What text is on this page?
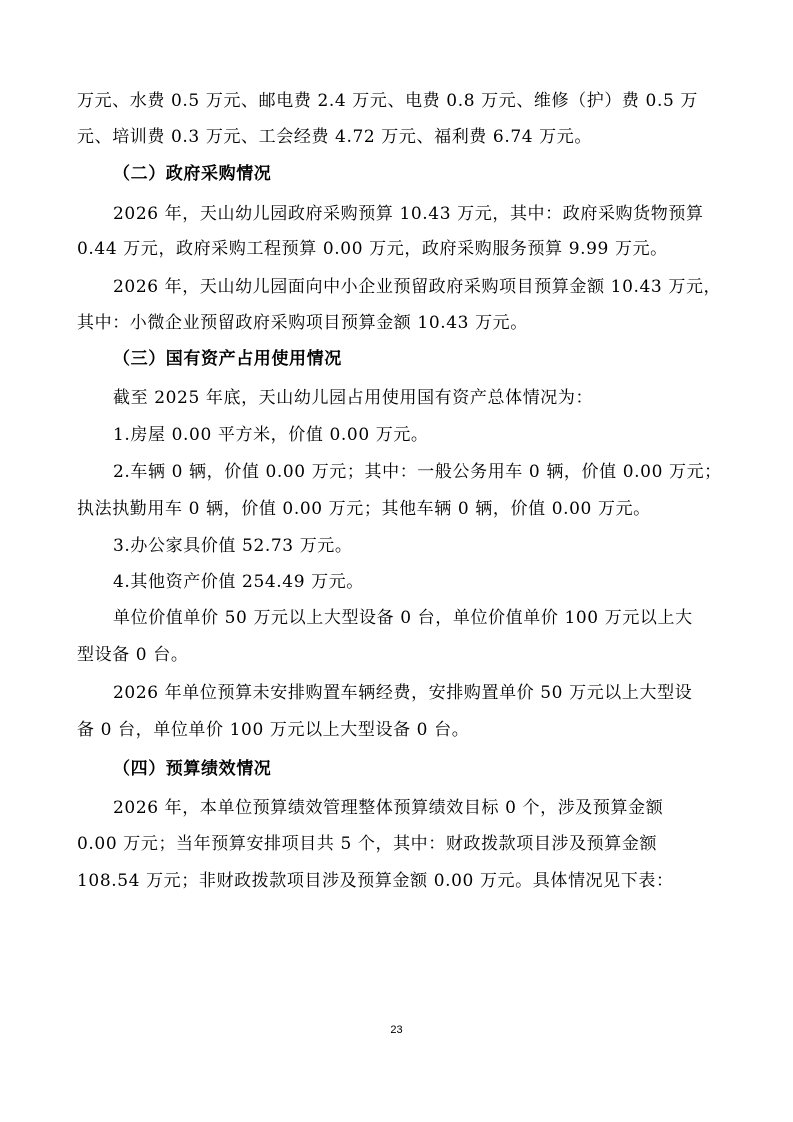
万元、水费 0.5 万元、邮电费 2.4 万元、电费 0.8 万元、维修（护）费 0.5 万
元、培训费 0.3 万元、工会经费 4.72 万元、福利费 6.74 万元。
（二）政府采购情况
2026 年，天山幼儿园政府采购预算 10.43 万元，其中：政府采购货物预算
0.44 万元，政府采购工程预算 0.00 万元，政府采购服务预算 9.99 万元。
2026 年，天山幼儿园面向中小企业预留政府采购项目预算金额 10.43 万元，
其中：小微企业预留政府采购项目预算金额 10.43 万元。
（三）国有资产占用使用情况
截至 2025 年底，天山幼儿园占用使用国有资产总体情况为：
1.房屋 0.00 平方米，价值 0.00 万元。
2.车辆 0 辆，价值 0.00 万元；其中：一般公务用车 0 辆，价值 0.00 万元；
执法执勤用车 0 辆，价值 0.00 万元；其他车辆 0 辆，价值 0.00 万元。
3.办公家具价值 52.73 万元。
4.其他资产价值 254.49 万元。
单位价值单价 50 万元以上大型设备 0 台，单位价值单价 100 万元以上大
型设备 0 台。
2026 年单位预算未安排购置车辆经费，安排购置单价 50 万元以上大型设
备 0 台，单位单价 100 万元以上大型设备 0 台。
（四）预算绩效情况
2026 年，本单位预算绩效管理整体预算绩效目标 0 个，涉及预算金额
0.00 万元；当年预算安排项目共 5 个，其中：财政拨款项目涉及预算金额
108.54 万元；非财政拨款项目涉及预算金额 0.00 万元。具体情况见下表：
23
